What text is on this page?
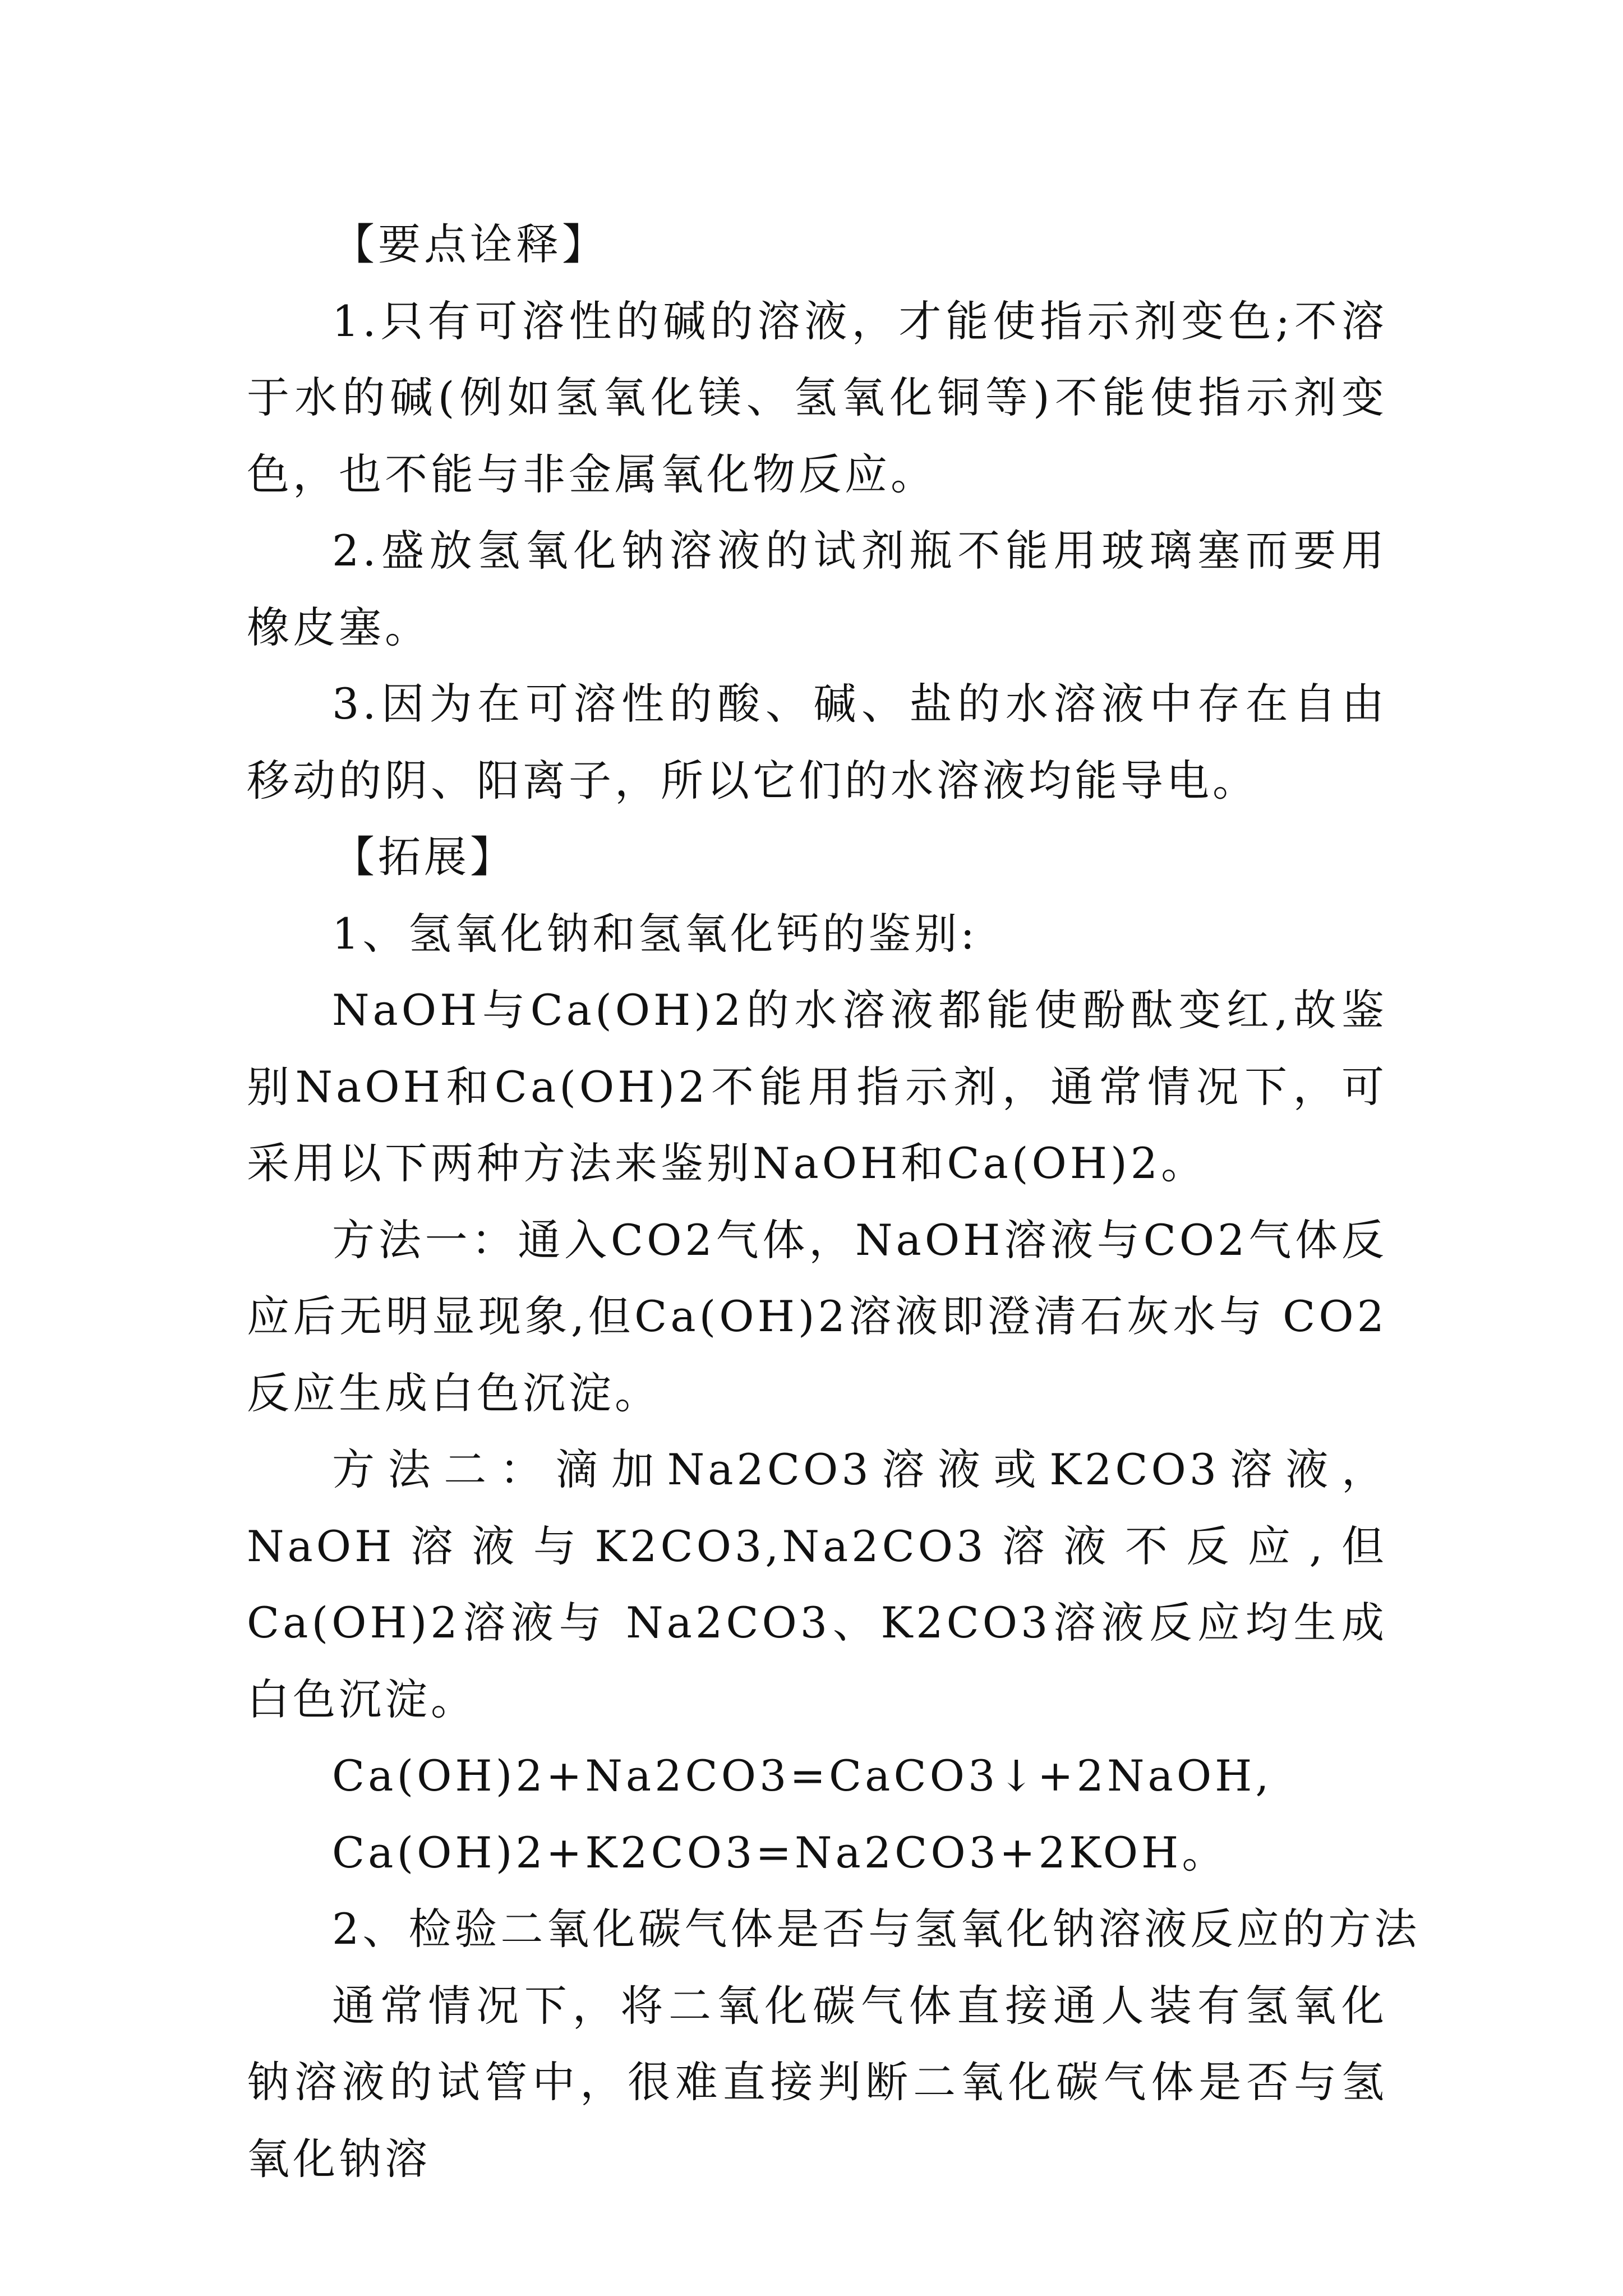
【要点诠释】

1.只有可溶性的碱的溶液，才能使指示剂变色;不溶于水的碱(例如氢氧化镁、氢氧化铜等)不能使指示剂变色，也不能与非金属氧化物反应。

2.盛放氢氧化钠溶液的试剂瓶不能用玻璃塞而要用橡皮塞。

3.因为在可溶性的酸、碱、盐的水溶液中存在自由移动的阴、阳离子，所以它们的水溶液均能导电。

【拓展】

1、氢氧化钠和氢氧化钙的鉴别:

NaOH与Ca(OH)2的水溶液都能使酚酞变红,故鉴别NaOH和Ca(OH)2不能用指示剂，通常情况下，可采用以下两种方法来鉴别NaOH和Ca(OH)2。

方法一：通入CO2气体，NaOH溶液与CO2气体反应后无明显现象,但Ca(OH)2溶液即澄清石灰水与 CO2反应生成白色沉淀。

方法二：滴加Na2CO3溶液或K2CO3溶液，NaOH溶液与K2CO3,Na2CO3溶液不反应,但Ca(OH)2溶液与 Na2CO3、K2CO3溶液反应均生成白色沉淀。

Ca(OH)2+Na2CO3=CaCO3↓+2NaOH,

Ca(OH)2+K2CO3=Na2CO3+2KOH。

2、检验二氧化碳气体是否与氢氧化钠溶液反应的方法

通常情况下，将二氧化碳气体直接通人装有氢氧化钠溶液的试管中，很难直接判断二氧化碳气体是否与氢氧化钠溶
